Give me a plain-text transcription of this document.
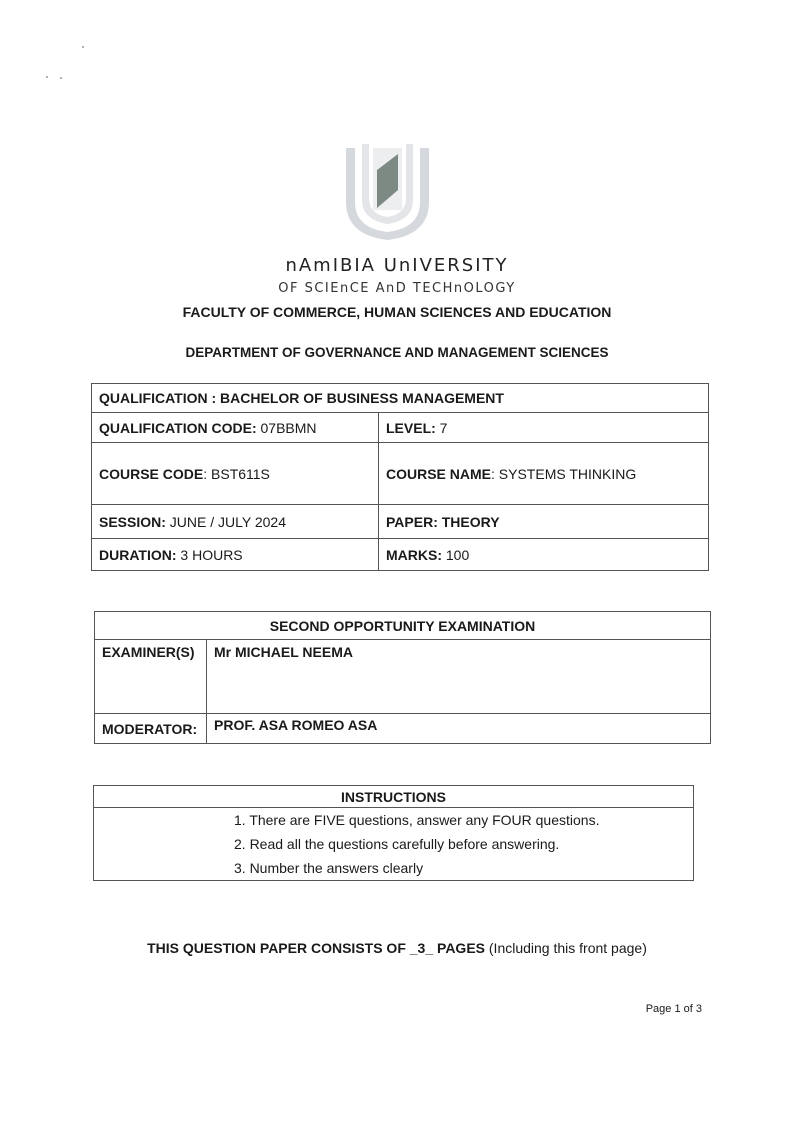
nAmIBIA UnIVERSITY
OF SCIEnCE AnD TECHnOLOGY
FACULTY OF COMMERCE, HUMAN SCIENCES AND EDUCATION
DEPARTMENT OF GOVERNANCE AND MANAGEMENT SCIENCES
QUALIFICATION : BACHELOR OF BUSINESS MANAGEMENT	
QUALIFICATION CODE: 07BBMN	LEVEL: 7
COURSE CODE: BST611S	COURSE NAME: SYSTEMS THINKING
SESSION: JUNE / JULY 2024	PAPER: THEORY
DURATION: 3 HOURS	MARKS: 100
SECOND OPPORTUNITY EXAMINATION	
EXAMINER(S)	Mr MICHAEL NEEMA
MODERATOR:	PROF. ASA ROMEO ASA
INSTRUCTIONS

1. There are FIVE questions, answer any FOUR questions.
2. Read all the questions carefully before answering.
3. Number the answers clearly
THIS QUESTION PAPER CONSISTS OF _3_ PAGES (Including this front page)
Page 1 of 3
